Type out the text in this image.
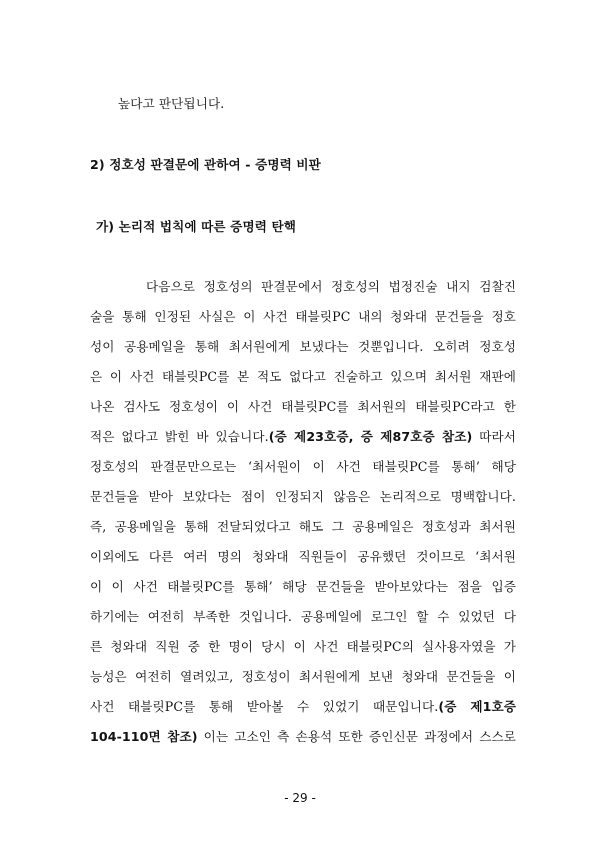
높다고 판단됩니다.
2) 정호성 판결문에 관하여 - 증명력 비판
가) 논리적 법칙에 따른 증명력 탄핵
다음으로 정호성의 판결문에서 정호성의 법정진술 내지 검찰진
술을 통해 인정된 사실은 이 사건 태블릿PC 내의 청와대 문건들을 정호
성이 공용메일을 통해 최서원에게 보냈다는 것뿐입니다. 오히려 정호성
은 이 사건 태블릿PC를 본 적도 없다고 진술하고 있으며 최서원 재판에
나온 검사도 정호성이 이 사건 태블릿PC를 최서원의 태블릿PC라고 한
적은 없다고 밝힌 바 있습니다.(증 제23호증, 증 제87호증 참조) 따라서
정호성의 판결문만으로는 ‘최서원이 이 사건 태블릿PC를 통해’ 해당
문건들을 받아 보았다는 점이 인정되지 않음은 논리적으로 명백합니다.
즉, 공용메일을 통해 전달되었다고 해도 그 공용메일은 정호성과 최서원
이외에도 다른 여러 명의 청와대 직원들이 공유했던 것이므로 ‘최서원
이 이 사건 태블릿PC를 통해’ 해당 문건들을 받아보았다는 점을 입증
하기에는 여전히 부족한 것입니다. 공용메일에 로그인 할 수 있었던 다
른 청와대 직원 중 한 명이 당시 이 사건 태블릿PC의 실사용자였을 가
능성은 여전히 열려있고, 정호성이 최서원에게 보낸 청와대 문건들을 이
사건 태블릿PC를 통해 받아볼 수 있었기 때문입니다.(증 제1호증
104-110면 참조) 이는 고소인 측 손용석 또한 증인신문 과정에서 스스로
- 29 -
